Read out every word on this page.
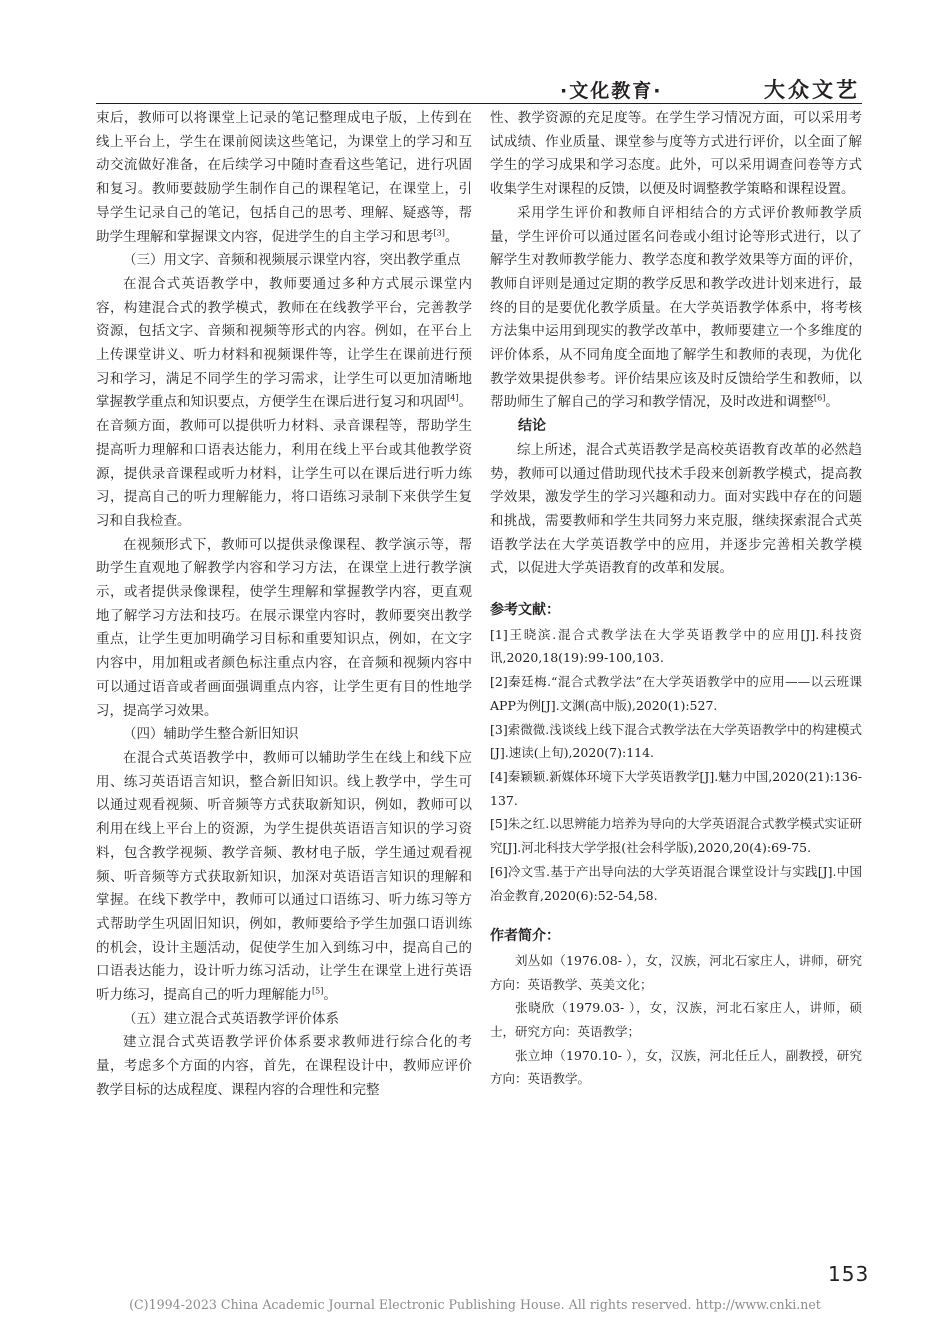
·文化教育·	大众文艺

束后，教师可以将课堂上记录的笔记整理成电子版，上传到在线上平台上，学生在课前阅读这些笔记，为课堂上的学习和互动交流做好准备，在后续学习中随时查看这些笔记，进行巩固和复习。教师要鼓励学生制作自己的课程笔记，在课堂上，引导学生记录自己的笔记，包括自己的思考、理解、疑惑等，帮助学生理解和掌握课文内容，促进学生的自主学习和思考[3]。

（三）用文字、音频和视频展示课堂内容，突出教学重点

在混合式英语教学中，教师要通过多种方式展示课堂内容，构建混合式的教学模式，教师在在线教学平台，完善教学资源，包括文字、音频和视频等形式的内容。例如，在平台上上传课堂讲义、听力材料和视频课件等，让学生在课前进行预习和学习，满足不同学生的学习需求，让学生可以更加清晰地掌握教学重点和知识要点，方便学生在课后进行复习和巩固[4]。在音频方面，教师可以提供听力材料、录音课程等，帮助学生提高听力理解和口语表达能力，利用在线上平台或其他教学资源，提供录音课程或听力材料，让学生可以在课后进行听力练习，提高自己的听力理解能力，将口语练习录制下来供学生复习和自我检查。

在视频形式下，教师可以提供录像课程、教学演示等，帮助学生直观地了解教学内容和学习方法，在课堂上进行教学演示，或者提供录像课程，使学生理解和掌握教学内容，更直观地了解学习方法和技巧。在展示课堂内容时，教师要突出教学重点，让学生更加明确学习目标和重要知识点，例如，在文字内容中，用加粗或者颜色标注重点内容，在音频和视频内容中可以通过语音或者画面强调重点内容，让学生更有目的性地学习，提高学习效果。

（四）辅助学生整合新旧知识

在混合式英语教学中，教师可以辅助学生在线上和线下应用、练习英语语言知识，整合新旧知识。线上教学中，学生可以通过观看视频、听音频等方式获取新知识，例如，教师可以利用在线上平台上的资源，为学生提供英语语言知识的学习资料，包含教学视频、教学音频、教材电子版，学生通过观看视频、听音频等方式获取新知识，加深对英语语言知识的理解和掌握。在线下教学中，教师可以通过口语练习、听力练习等方式帮助学生巩固旧知识，例如，教师要给予学生加强口语训练的机会，设计主题活动，促使学生加入到练习中，提高自己的口语表达能力，设计听力练习活动，让学生在课堂上进行英语听力练习，提高自己的听力理解能力[5]。

（五）建立混合式英语教学评价体系

建立混合式英语教学评价体系要求教师进行综合化的考量，考虑多个方面的内容，首先，在课程设计中，教师应评价教学目标的达成程度、课程内容的合理性和完整

性、教学资源的充足度等。在学生学习情况方面，可以采用考试成绩、作业质量、课堂参与度等方式进行评价，以全面了解学生的学习成果和学习态度。此外，可以采用调查问卷等方式收集学生对课程的反馈，以便及时调整教学策略和课程设置。

采用学生评价和教师自评相结合的方式评价教师教学质量，学生评价可以通过匿名问卷或小组讨论等形式进行，以了解学生对教师教学能力、教学态度和教学效果等方面的评价，教师自评则是通过定期的教学反思和教学改进计划来进行，最终的目的是要优化教学质量。在大学英语教学体系中，将考核方法集中运用到现实的教学改革中，教师要建立一个多维度的评价体系，从不同角度全面地了解学生和教师的表现，为优化教学效果提供参考。评价结果应该及时反馈给学生和教师，以帮助师生了解自己的学习和教学情况，及时改进和调整[6]。

结论

综上所述，混合式英语教学是高校英语教育改革的必然趋势，教师可以通过借助现代技术手段来创新教学模式，提高教学效果，激发学生的学习兴趣和动力。面对实践中存在的问题和挑战，需要教师和学生共同努力来克服，继续探索混合式英语教学法在大学英语教学中的应用，并逐步完善相关教学模式，以促进大学英语教育的改革和发展。

参考文献：

[1]王晓滨.混合式教学法在大学英语教学中的应用[J].科技资讯,2020,18(19):99-100,103.

[2]秦廷梅.“混合式教学法”在大学英语教学中的应用——以云班课APP为例[J].文渊(高中版),2020(1):527.

[3]索微微.浅谈线上线下混合式教学法在大学英语教学中的构建模式[J].速读(上旬),2020(7):114.

[4]秦颖颖.新媒体环境下大学英语教学[J].魅力中国,2020(21):136-137.

[5]朱之红.以思辨能力培养为导向的大学英语混合式教学模式实证研究[J].河北科技大学学报(社会科学版),2020,20(4):69-75.

[6]冷文雪.基于产出导向法的大学英语混合课堂设计与实践[J].中国冶金教育,2020(6):52-54,58.

作者简介：

刘丛如（1976.08- ），女，汉族，河北石家庄人，讲师，研究方向：英语教学、英美文化；

张晓欣（1979.03- ），女，汉族，河北石家庄人，讲师，硕士，研究方向：英语教学；

张立坤（1970.10- ），女，汉族，河北任丘人，副教授，研究方向：英语教学。

153
(C)1994-2023 China Academic Journal Electronic Publishing House. All rights reserved. http://www.cnki.net
